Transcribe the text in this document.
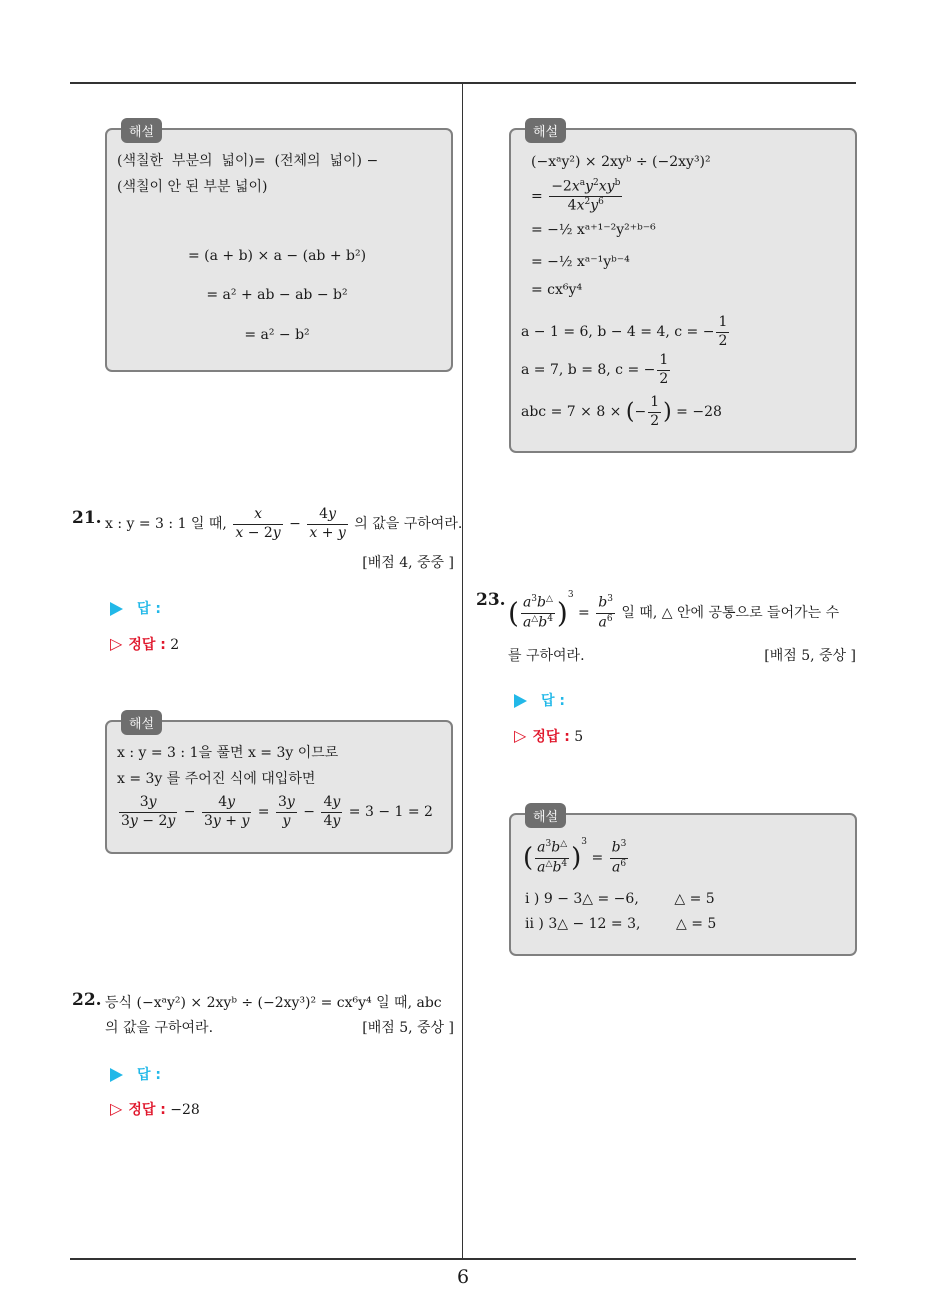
6
해설
(색칠한  부분의  넓이)=  (전체의  넓이) −
(색칠이 안 된 부분 넓이)
= (a + b) × a − (ab + b²)
= a² + ab − ab − b²
= a² − b²
21. x : y = 3 : 1 일 때, $\frac{x}{x - 2y} - \frac{4y}{x + y}$ 의 값을 구하여라.
[배점 4, 중중 ]
답 :
▷ 정답 : 2
해설
x : y = 3 : 1을 풀면 x = 3y 이므로
x = 3y 를 주어진 식에 대입하면
$\frac{3y}{3y - 2y} - \frac{4y}{3y + y} = \frac{3y}{y} - \frac{4y}{4y} = 3 - 1 = 2$
22. 등식 (−xᵃy²) × 2xyᵇ ÷ (−2xy³)² = cx⁶y⁴ 일 때, abc
의 값을 구하여라.	[배점 5, 중상 ]
답 :
▷ 정답 : −28
해설
(−xᵃy²) × 2xyᵇ ÷ (−2xy³)²
= $\frac{-2x^ay^2xy^b}{4x^2y^6}$
= −½ xᵃ⁺¹⁻²y²⁺ᵇ⁻⁶
= −½ xᵃ⁻¹yᵇ⁻⁴
= cx⁶y⁴
a − 1 = 6, b − 4 = 4, c = − $\frac{1}{2}$
a = 7, b = 8, c = − $\frac{1}{2}$
abc = 7 × 8 × (− $\frac{1}{2}$ ) = −28
23. ( $\frac{a^3b^\triangle}{a^\triangle b^4} )^3 = \frac{b^3}{a^6}$ 일 때, △ 안에 공통으로 들어가는 수
를 구하여라.	[배점 5, 중상 ]
답 :
▷ 정답 : 5
해설
( $\frac{a^3b^\triangle}{a^\triangle b^4} )^3 = \frac{b^3}{a^6}$
i ) 9 − 3△ = −6,        △ = 5
ii ) 3△ − 12 = 3,        △ = 5
